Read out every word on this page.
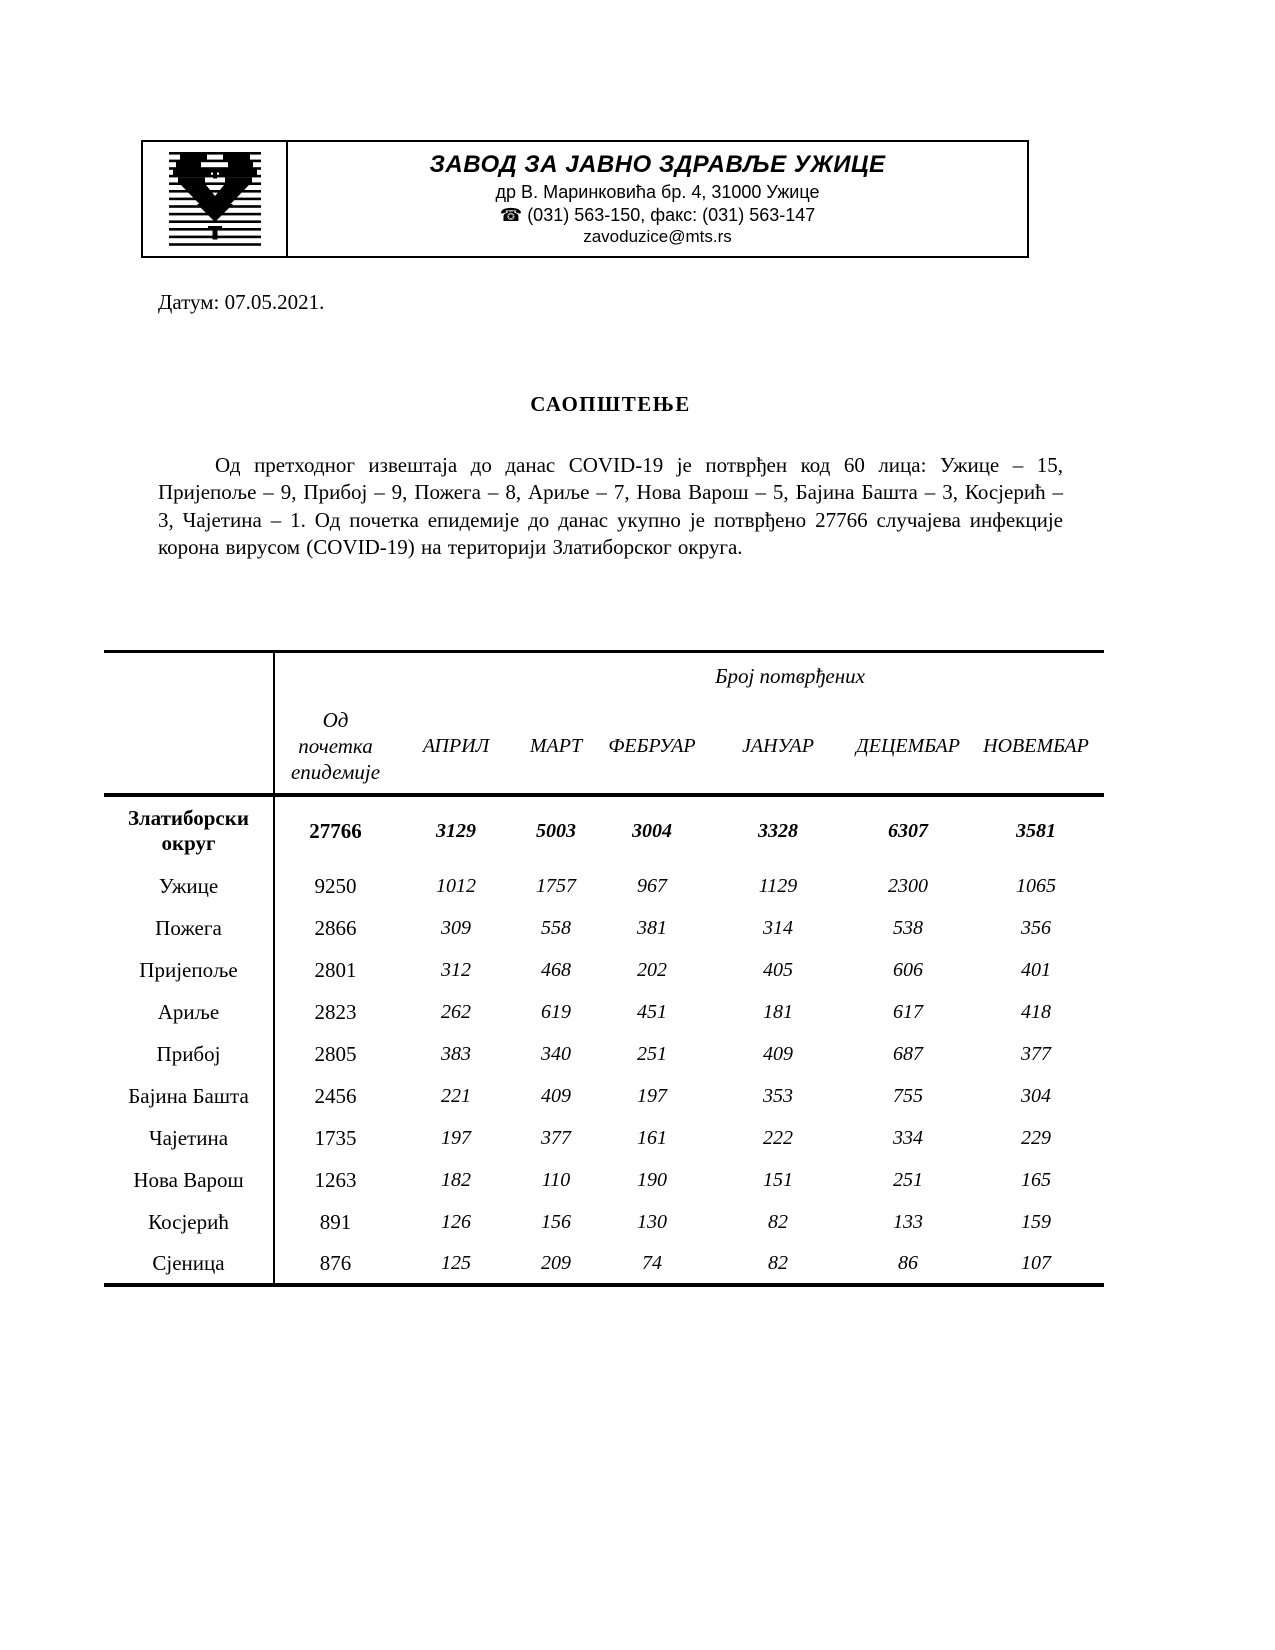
ЗАВОД ЗА ЈАВНО ЗДРАВЉЕ УЖИЦЕ
др В. Маринковића бр. 4, 31000 Ужице
☎ (031) 563-150, факс: (031) 563-147
zavoduzice@mts.rs
Датум: 07.05.2021.
САОПШТЕЊЕ
Од претходног извештаја до данас COVID-19 је потврђен код 60 лица: Ужице – 15, Пријепоље – 9, Прибој – 9, Пожега – 8, Ариље – 7, Нова Варош – 5, Бајина Башта – 3, Косјерић – 3, Чајетина – 1. Од почетка епидемије до данас укупно је потврђено 27766 случајева инфекције корона вирусом (COVID-19) на територији Златиборског округа.
		Број потврђених					
	Од почетка епидемије	АПРИЛ	МАРТ	ФЕБРУАР	ЈАНУАР	ДЕЦЕМБАР	НОВЕМБАР
Златиборски округ	27766	3129	5003	3004	3328	6307	3581
Ужице	9250	1012	1757	967	1129	2300	1065
Пожега	2866	309	558	381	314	538	356
Пријепоље	2801	312	468	202	405	606	401
Ариље	2823	262	619	451	181	617	418
Прибој	2805	383	340	251	409	687	377
Бајина Башта	2456	221	409	197	353	755	304
Чајетина	1735	197	377	161	222	334	229
Нова Варош	1263	182	110	190	151	251	165
Косјерић	891	126	156	130	82	133	159
Сјеница	876	125	209	74	82	86	107
